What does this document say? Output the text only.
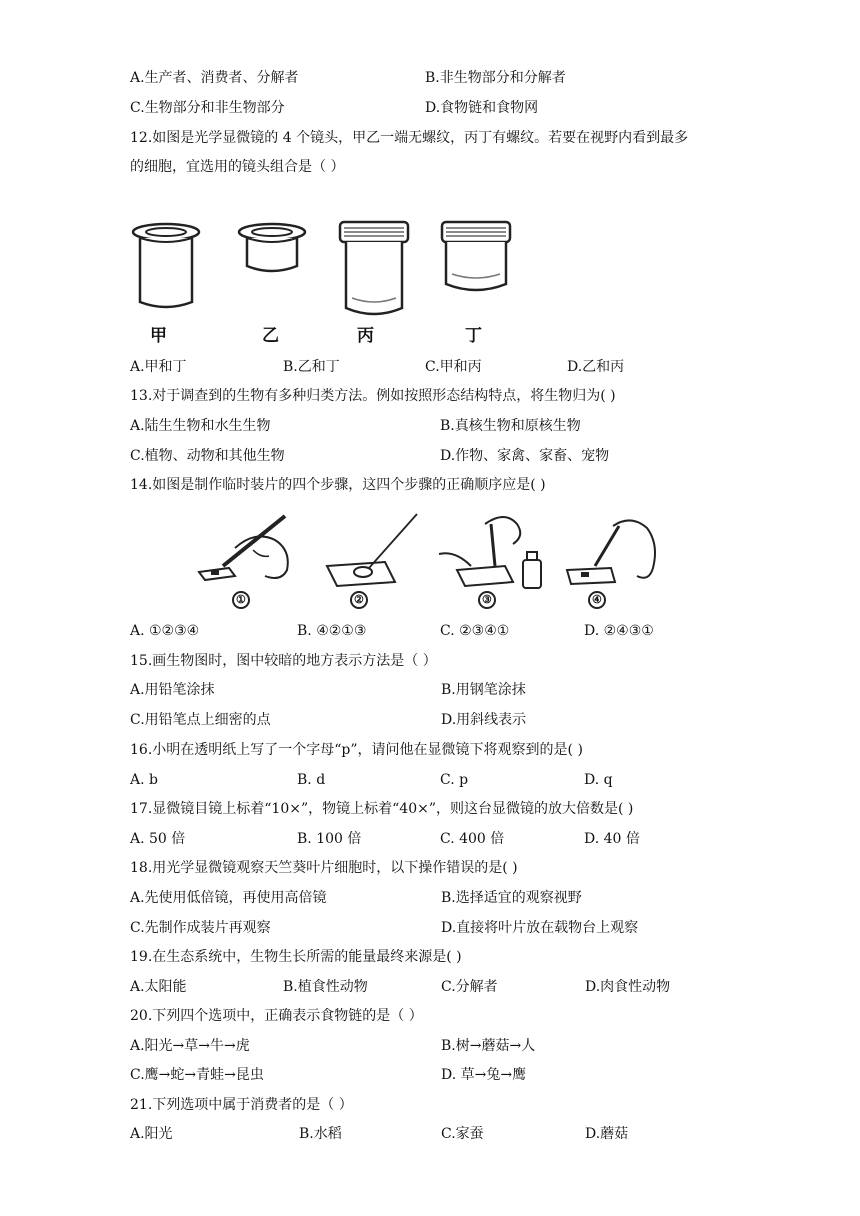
A.生产者、消费者、分解者	B.非生物部分和分解者
C.生物部分和非生物部分	D.食物链和食物网
12.如图是光学显微镜的 4 个镜头，甲乙一端无螺纹，丙丁有螺纹。若要在视野内看到最多
的细胞，宜选用的镜头组合是（ ）
甲	乙	丙	丁
A.甲和丁	B.乙和丁	C.甲和丙	D.乙和丙
13.对于调查到的生物有多种归类方法。例如按照形态结构特点，将生物归为( )
A.陆生生物和水生生物	B.真核生物和原核生物
C.植物、动物和其他生物	D.作物、家禽、家畜、宠物
14.如图是制作临时装片的四个步骤，这四个步骤的正确顺序应是( )
①	②	③	④
A. ①②③④	B. ④②①③	C. ②③④①	D. ②④③①
15.画生物图时，图中较暗的地方表示方法是（ ）
A.用铅笔涂抹	B.用钢笔涂抹
C.用铅笔点上细密的点	D.用斜线表示
16.小明在透明纸上写了一个字母“p”，请问他在显微镜下将观察到的是( )
A. b	B. d	C. p	D. q
17.显微镜目镜上标着“10×”，物镜上标着“40×”，则这台显微镜的放大倍数是( )
A. 50 倍	B. 100 倍	C. 400 倍	D. 40 倍
18.用光学显微镜观察天竺葵叶片细胞时，以下操作错误的是( )
A.先使用低倍镜，再使用高倍镜	B.选择适宜的观察视野
C.先制作成装片再观察	D.直接将叶片放在载物台上观察
19.在生态系统中，生物生长所需的能量最终来源是( )
A.太阳能	B.植食性动物	C.分解者	D.肉食性动物
20.下列四个选项中，正确表示食物链的是（ ）
A.阳光→草→牛→虎	B.树→蘑菇→人
C.鹰→蛇→青蛙→昆虫	D. 草→兔→鹰
21.下列选项中属于消费者的是（ ）
A.阳光	B.水稻	C.家蚕	D.蘑菇
